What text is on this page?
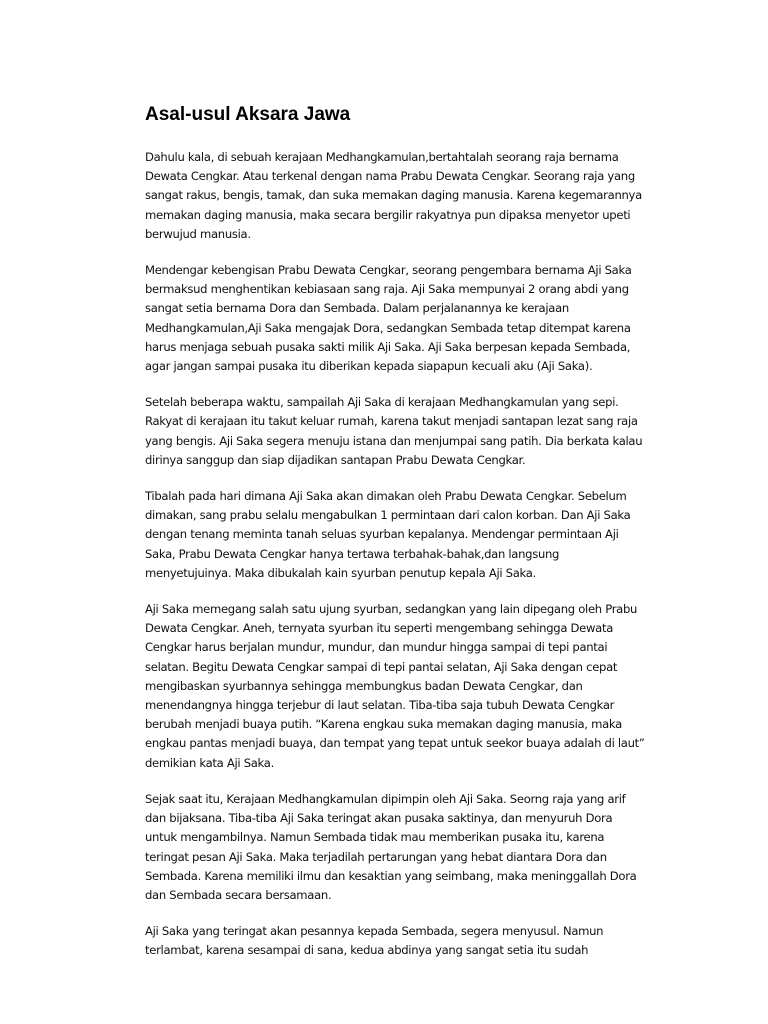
Asal-usul Aksara Jawa

Dahulu kala, di sebuah kerajaan Medhangkamulan,bertahtalah seorang raja bernama Dewata Cengkar. Atau terkenal dengan nama Prabu Dewata Cengkar. Seorang raja yang sangat rakus, bengis, tamak, dan suka memakan daging manusia. Karena kegemarannya memakan daging manusia, maka secara bergilir rakyatnya pun dipaksa menyetor upeti berwujud manusia.

Mendengar kebengisan Prabu Dewata Cengkar, seorang pengembara bernama Aji Saka bermaksud menghentikan kebiasaan sang raja. Aji Saka mempunyai 2 orang abdi yang sangat setia bernama Dora dan Sembada. Dalam perjalanannya ke kerajaan Medhangkamulan,Aji Saka mengajak Dora, sedangkan Sembada tetap ditempat karena harus menjaga sebuah pusaka sakti milik Aji Saka. Aji Saka berpesan kepada Sembada, agar jangan sampai pusaka itu diberikan kepada siapapun kecuali aku (Aji Saka).

Setelah beberapa waktu, sampailah Aji Saka di kerajaan Medhangkamulan yang sepi. Rakyat di kerajaan itu takut keluar rumah, karena takut menjadi santapan lezat sang raja yang bengis. Aji Saka segera menuju istana dan menjumpai sang patih. Dia berkata kalau dirinya sanggup dan siap dijadikan santapan Prabu Dewata Cengkar.

Tibalah pada hari dimana Aji Saka akan dimakan oleh Prabu Dewata Cengkar. Sebelum dimakan, sang prabu selalu mengabulkan 1 permintaan dari calon korban. Dan Aji Saka dengan tenang meminta tanah seluas syurban kepalanya. Mendengar permintaan Aji Saka, Prabu Dewata Cengkar hanya tertawa terbahak-bahak,dan langsung menyetujuinya. Maka dibukalah kain syurban penutup kepala Aji Saka.

Aji Saka memegang salah satu ujung syurban, sedangkan yang lain dipegang oleh Prabu Dewata Cengkar. Aneh, ternyata syurban itu seperti mengembang sehingga Dewata Cengkar harus berjalan mundur, mundur, dan mundur hingga sampai di tepi pantai selatan. Begitu Dewata Cengkar sampai di tepi pantai selatan, Aji Saka dengan cepat mengibaskan syurbannya sehingga membungkus badan Dewata Cengkar, dan menendangnya hingga terjebur di laut selatan. Tiba-tiba saja tubuh Dewata Cengkar berubah menjadi buaya putih. “Karena engkau suka memakan daging manusia, maka engkau pantas menjadi buaya, dan tempat yang tepat untuk seekor buaya adalah di laut” demikian kata Aji Saka.

Sejak saat itu, Kerajaan Medhangkamulan dipimpin oleh Aji Saka. Seorng raja yang arif dan bijaksana. Tiba-tiba Aji Saka teringat akan pusaka saktinya, dan menyuruh Dora untuk mengambilnya. Namun Sembada tidak mau memberikan pusaka itu, karena teringat pesan Aji Saka. Maka terjadilah pertarungan yang hebat diantara Dora dan Sembada. Karena memiliki ilmu dan kesaktian yang seimbang, maka meninggallah Dora dan Sembada secara bersamaan.

Aji Saka yang teringat akan pesannya kepada Sembada, segera menyusul. Namun terlambat, karena sesampai di sana, kedua abdinya yang sangat setia itu sudah
